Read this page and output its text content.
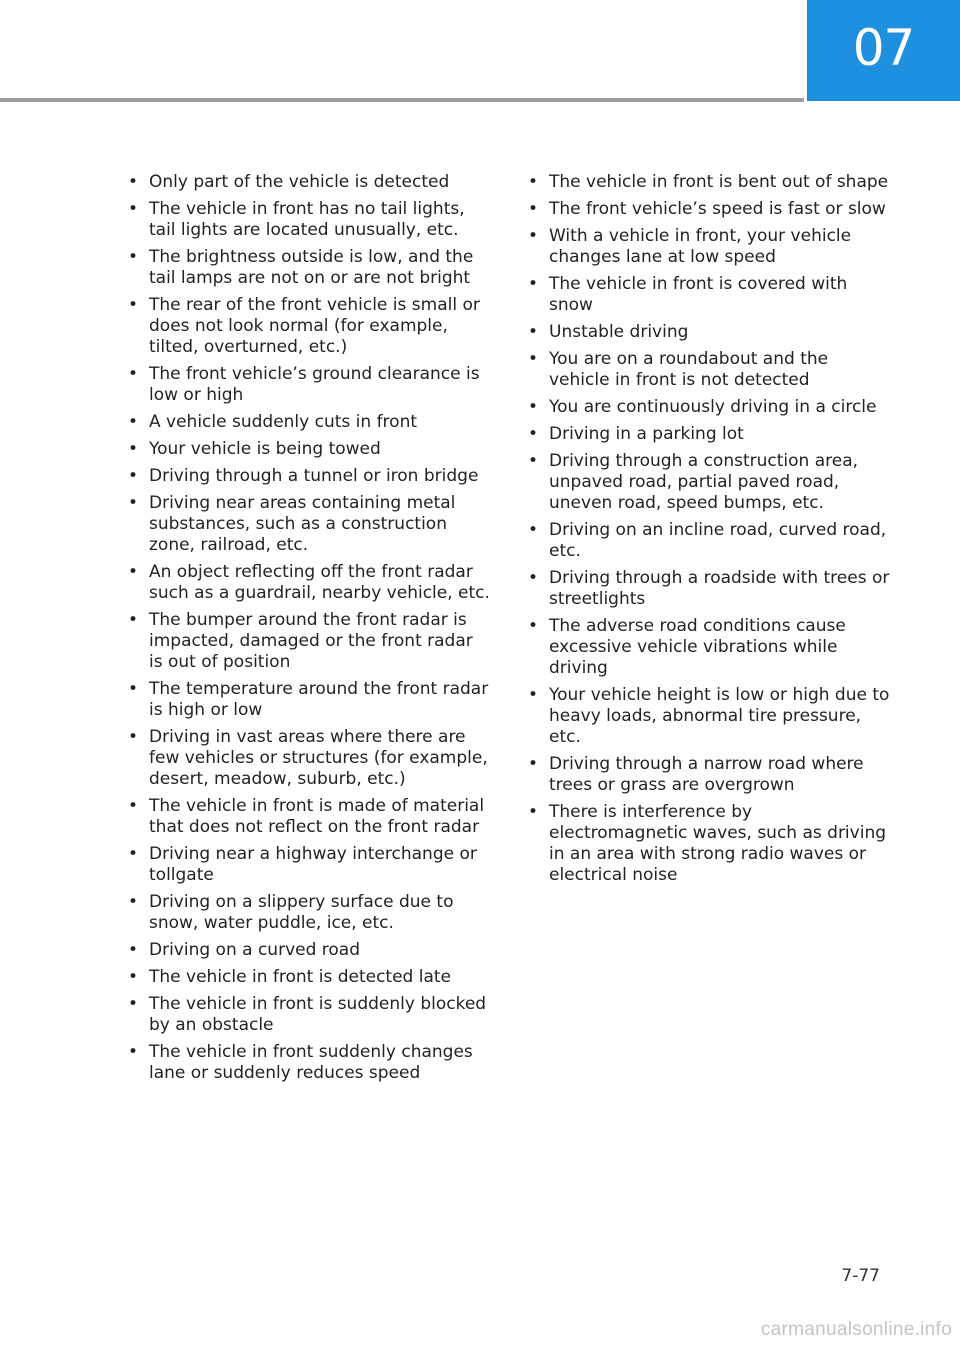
07
• Only part of the vehicle is detected
• The vehicle in front has no tail lights, tail lights are located unusually, etc.
• The brightness outside is low, and the tail lamps are not on or are not bright
• The rear of the front vehicle is small or does not look normal (for example, tilted, overturned, etc.)
• The front vehicle’s ground clearance is low or high
• A vehicle suddenly cuts in front
• Your vehicle is being towed
• Driving through a tunnel or iron bridge
• Driving near areas containing metal substances, such as a construction zone, railroad, etc.
• An object reflecting off the front radar such as a guardrail, nearby vehicle, etc.
• The bumper around the front radar is impacted, damaged or the front radar is out of position
• The temperature around the front radar is high or low
• Driving in vast areas where there are few vehicles or structures (for example, desert, meadow, suburb, etc.)
• The vehicle in front is made of material that does not reflect on the front radar
• Driving near a highway interchange or tollgate
• Driving on a slippery surface due to snow, water puddle, ice, etc.
• Driving on a curved road
• The vehicle in front is detected late
• The vehicle in front is suddenly blocked by an obstacle
• The vehicle in front suddenly changes lane or suddenly reduces speed
• The vehicle in front is bent out of shape
• The front vehicle’s speed is fast or slow
• With a vehicle in front, your vehicle changes lane at low speed
• The vehicle in front is covered with snow
• Unstable driving
• You are on a roundabout and the vehicle in front is not detected
• You are continuously driving in a circle
• Driving in a parking lot
• Driving through a construction area, unpaved road, partial paved road, uneven road, speed bumps, etc.
• Driving on an incline road, curved road, etc.
• Driving through a roadside with trees or streetlights
• The adverse road conditions cause excessive vehicle vibrations while driving
• Your vehicle height is low or high due to heavy loads, abnormal tire pressure, etc.
• Driving through a narrow road where trees or grass are overgrown
• There is interference by electromagnetic waves, such as driving in an area with strong radio waves or electrical noise
7-77
carmanualsonline.info
